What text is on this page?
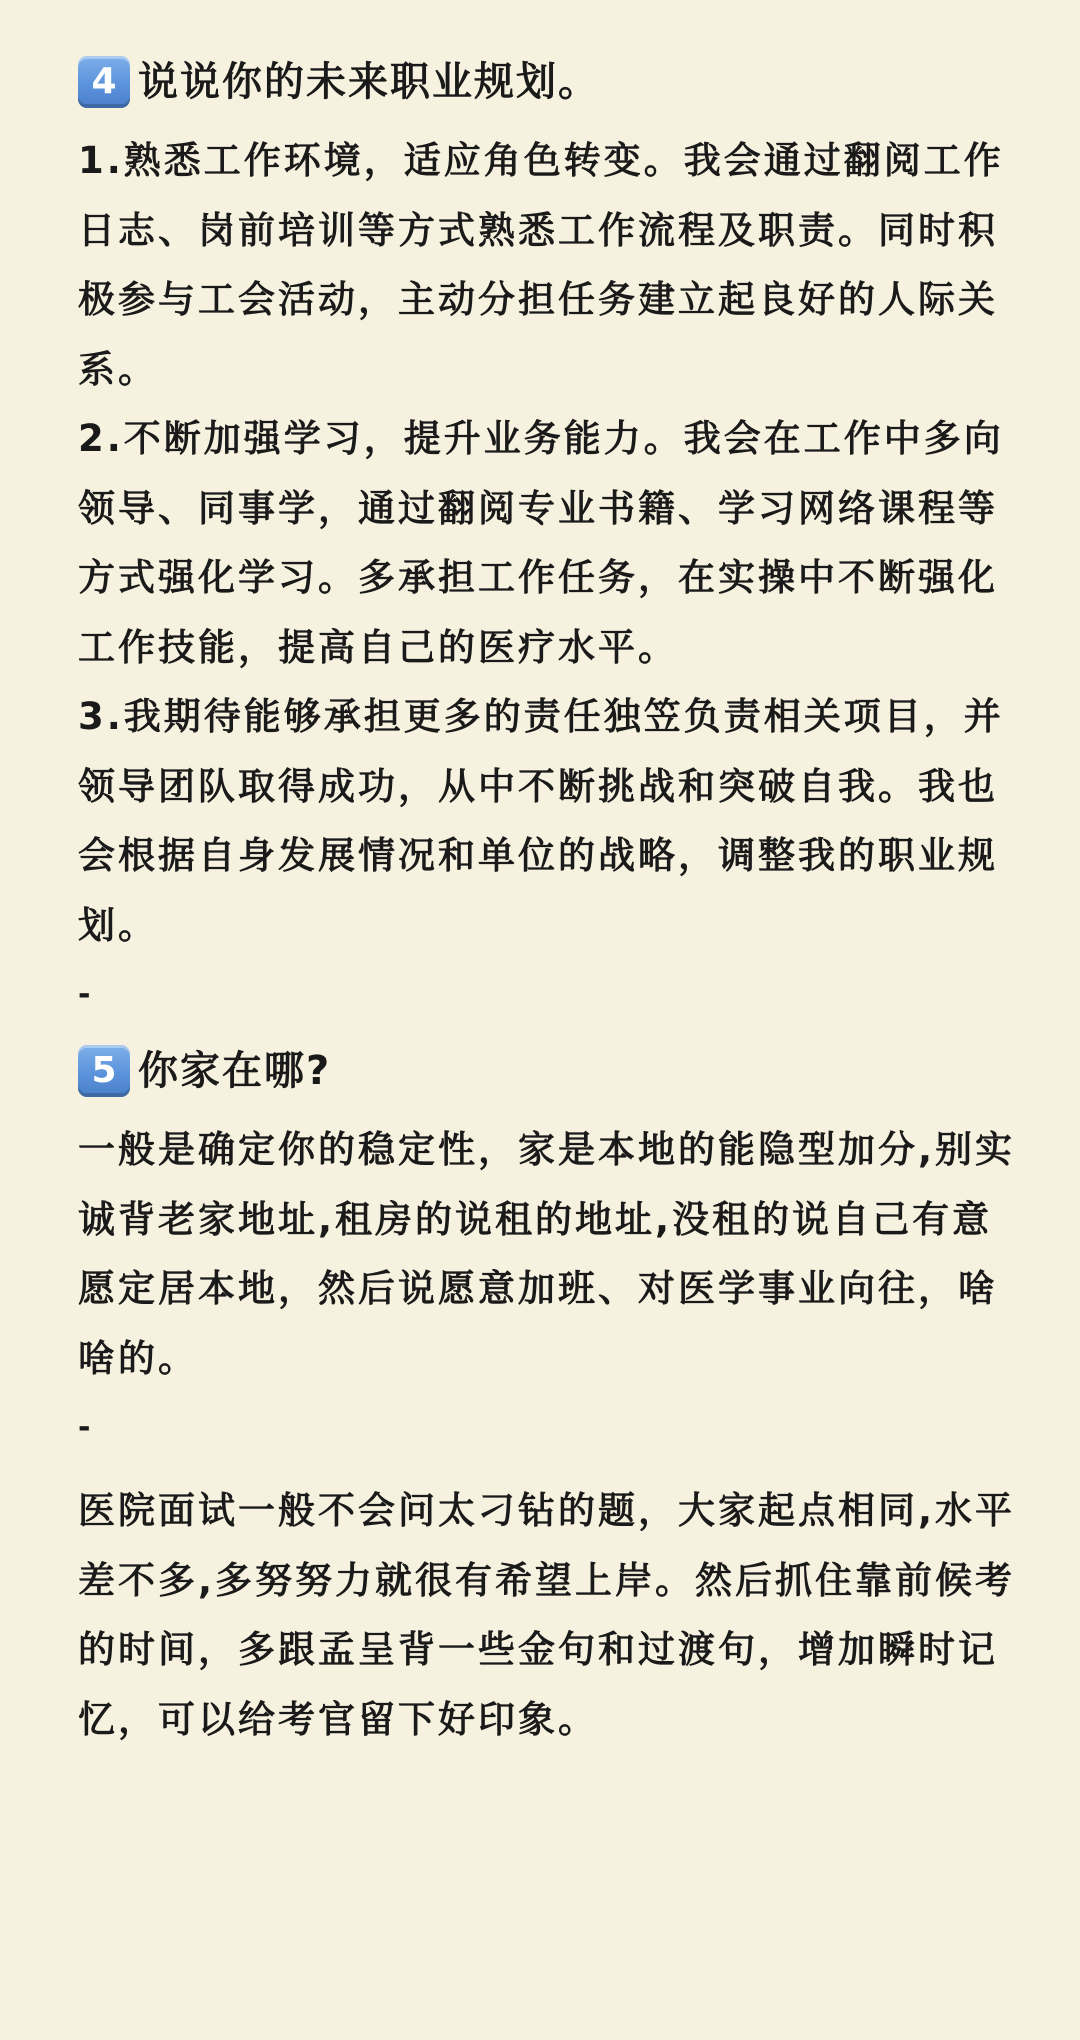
4 说说你的未来职业规划。

1.熟悉工作环境，适应角色转变。我会通过翻阅工作日志、岗前培训等方式熟悉工作流程及职责。同时积极参与工会活动，主动分担任务建立起良好的人际关系。

2.不断加强学习，提升业务能力。我会在工作中多向领导、同事学，通过翻阅专业书籍、学习网络课程等方式强化学习。多承担工作任务，在实操中不断强化工作技能，提高自己的医疗水平。

3.我期待能够承担更多的责任独笠负责相关项目，并领导团队取得成功，从中不断挑战和突破自我。我也会根据自身发展情况和单位的战略，调整我的职业规划。

-
5 你家在哪?

一般是确定你的稳定性，家是本地的能隐型加分,别实诚背老家地址,租房的说租的地址,没租的说自己有意愿定居本地，然后说愿意加班、对医学事业向往，啥啥的。

-

医院面试一般不会问太刁钻的题，大家起点相同,水平差不多,多努努力就很有希望上岸。然后抓住靠前候考的时间，多跟孟呈背一些金句和过渡句，增加瞬时记忆，可以给考官留下好印象。
